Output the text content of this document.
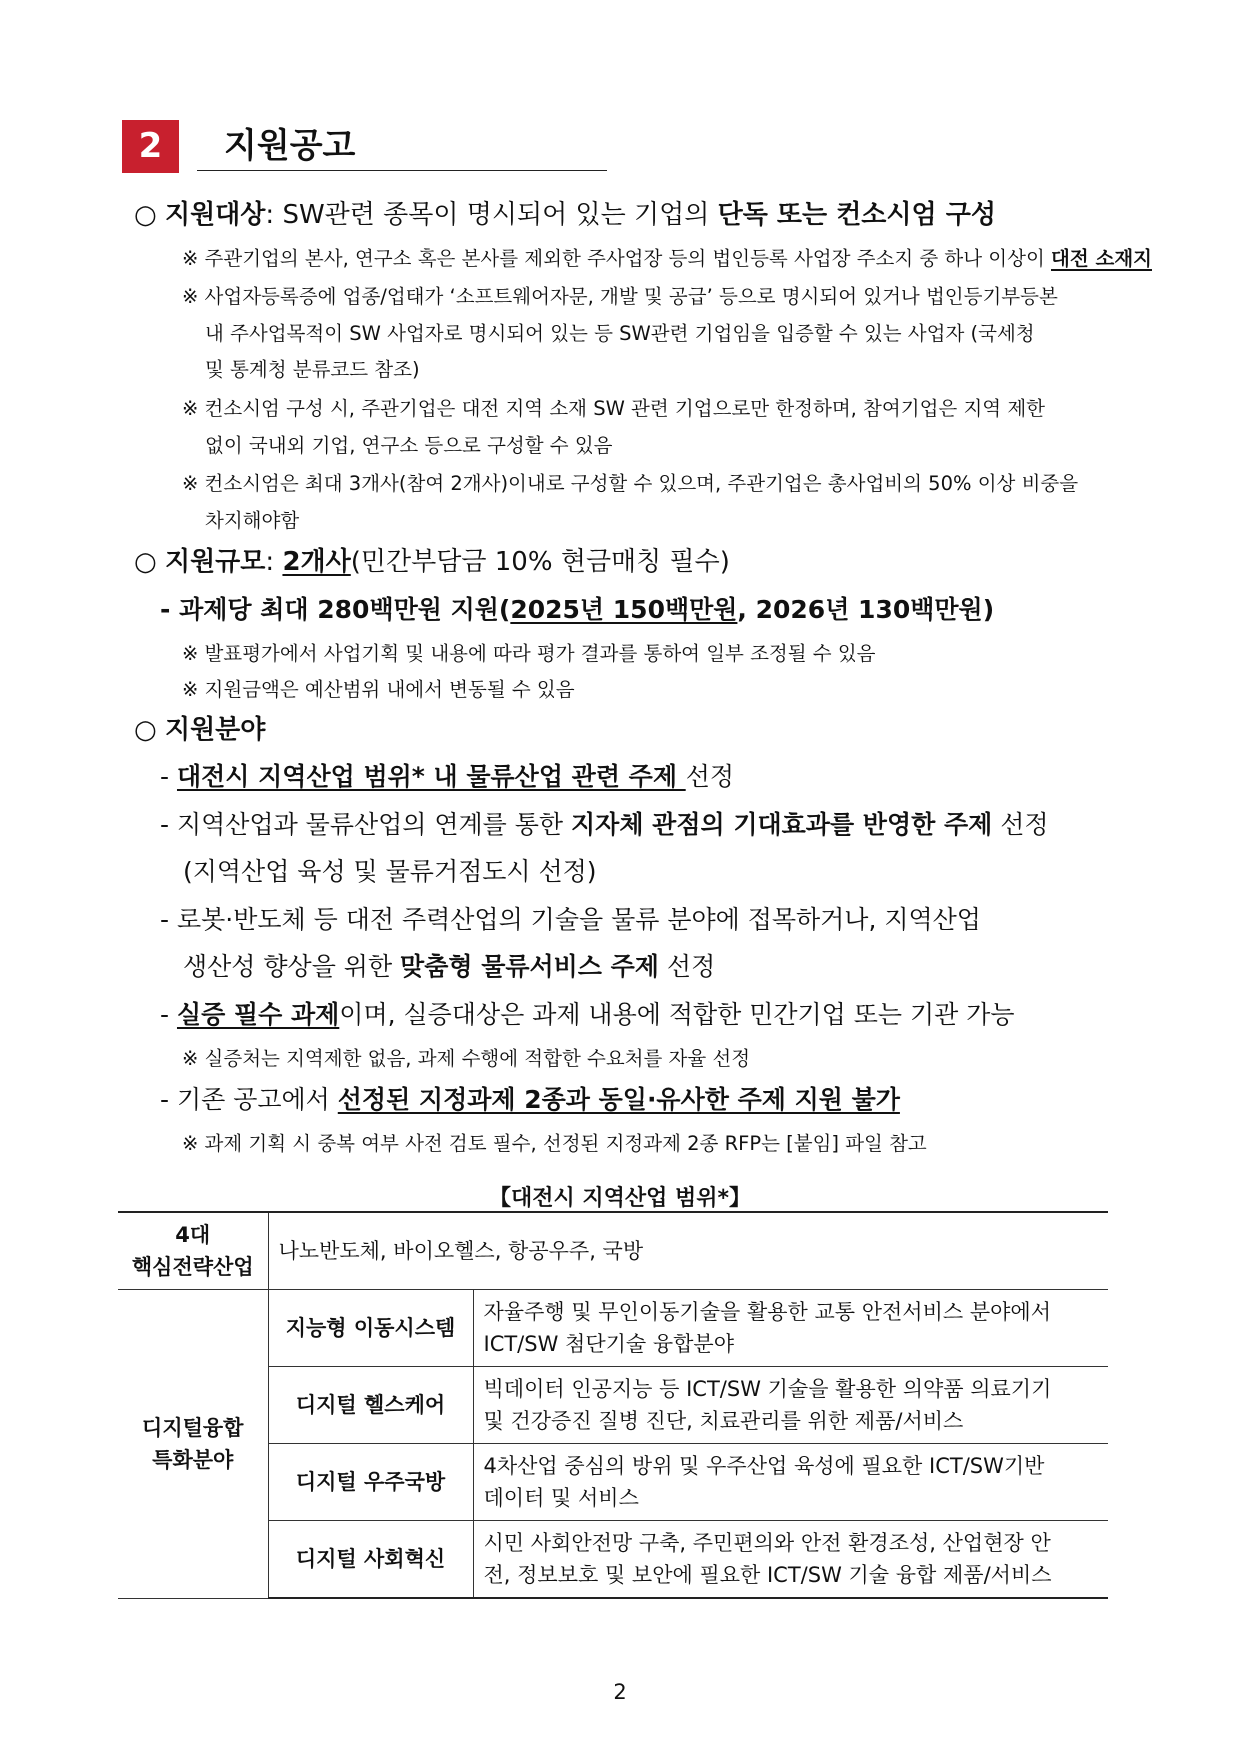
2	지원공고
○ 지원대상: SW관련 종목이 명시되어 있는 기업의 단독 또는 컨소시엄 구성
※ 주관기업의 본사, 연구소 혹은 본사를 제외한 주사업장 등의 법인등록 사업장 주소지 중 하나 이상이 대전 소재지
※ 사업자등록증에 업종/업태가 ‘소프트웨어자문, 개발 및 공급’ 등으로 명시되어 있거나 법인등기부등본
내 주사업목적이 SW 사업자로 명시되어 있는 등 SW관련 기업임을 입증할 수 있는 사업자 (국세청
및 통계청 분류코드 참조)
※ 컨소시엄 구성 시, 주관기업은 대전 지역 소재 SW 관련 기업으로만 한정하며, 참여기업은 지역 제한
없이 국내외 기업, 연구소 등으로 구성할 수 있음
※ 컨소시엄은 최대 3개사(참여 2개사)이내로 구성할 수 있으며, 주관기업은 총사업비의 50% 이상 비중을
차지해야함
○ 지원규모: 2개사(민간부담금 10% 현금매칭 필수)
- 과제당 최대 280백만원 지원(2025년 150백만원, 2026년 130백만원)
※ 발표평가에서 사업기획 및 내용에 따라 평가 결과를 통하여 일부 조정될 수 있음
※ 지원금액은 예산범위 내에서 변동될 수 있음
○ 지원분야
- 대전시 지역산업 범위* 내 물류산업 관련 주제 선정
- 지역산업과 물류산업의 연계를 통한 지자체 관점의 기대효과를 반영한 주제 선정
(지역산업 육성 및 물류거점도시 선정)
- 로봇·반도체 등 대전 주력산업의 기술을 물류 분야에 접목하거나, 지역산업
생산성 향상을 위한 맞춤형 물류서비스 주제 선정
- 실증 필수 과제이며, 실증대상은 과제 내용에 적합한 민간기업 또는 기관 가능
※ 실증처는 지역제한 없음, 과제 수행에 적합한 수요처를 자율 선정
- 기존 공고에서 선정된 지정과제 2종과 동일·유사한 주제 지원 불가
※ 과제 기획 시 중복 여부 사전 검토 필수, 선정된 지정과제 2종 RFP는 [붙임] 파일 참고
【대전시 지역산업 범위*】
4대
핵심전략산업	나노반도체, 바이오헬스, 항공우주, 국방	
디지털융합
특화분야	지능형 이동시스템	자율주행 및 무인이동기술을 활용한 교통 안전서비스 분야에서
ICT/SW 첨단기술 융합분야
	디지털 헬스케어	빅데이터 인공지능 등 ICT/SW 기술을 활용한 의약품 의료기기
및 건강증진 질병 진단, 치료관리를 위한 제품/서비스
	디지털 우주국방	4차산업 중심의 방위 및 우주산업 육성에 필요한 ICT/SW기반
데이터 및 서비스
	디지털 사회혁신	시민 사회안전망 구축, 주민편의와 안전 환경조성, 산업현장 안
전, 정보보호 및 보안에 필요한 ICT/SW 기술 융합 제품/서비스
2
